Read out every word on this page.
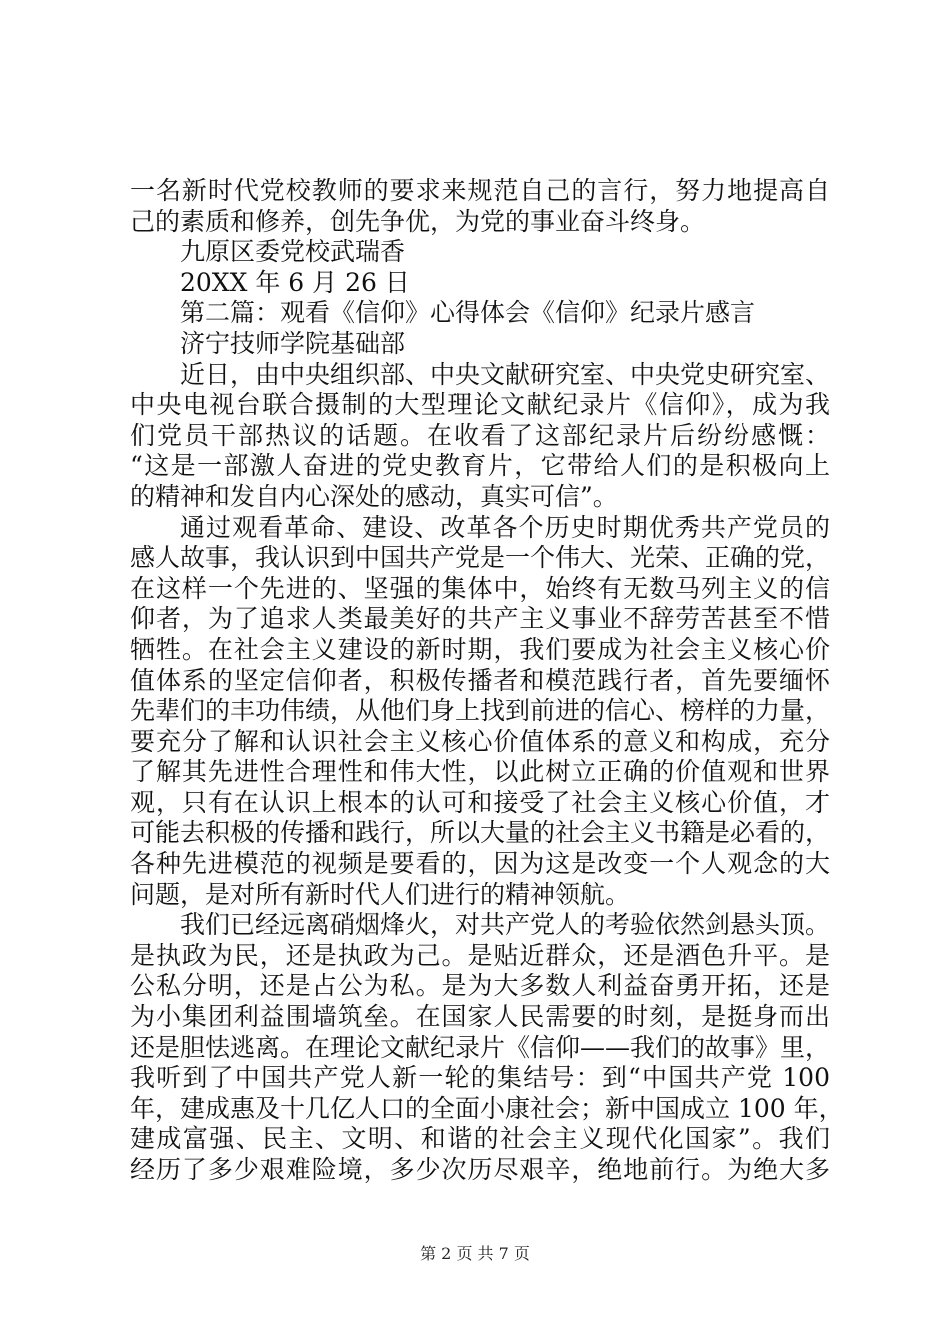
一名新时代党校教师的要求来规范自己的言行，努力地提高自
己的素质和修养，创先争优，为党的事业奋斗终身。
九原区委党校武瑞香
20XX 年 6 月 26 日
第二篇：观看《信仰》心得体会《信仰》纪录片感言
济宁技师学院基础部
近日，由中央组织部、中央文献研究室、中央党史研究室、
中央电视台联合摄制的大型理论文献纪录片《信仰》，成为我
们党员干部热议的话题。在收看了这部纪录片后纷纷感慨：
“这是一部激人奋进的党史教育片，它带给人们的是积极向上
的精神和发自内心深处的感动，真实可信”。
通过观看革命、建设、改革各个历史时期优秀共产党员的
感人故事，我认识到中国共产党是一个伟大、光荣、正确的党，
在这样一个先进的、坚强的集体中，始终有无数马列主义的信
仰者，为了追求人类最美好的共产主义事业不辞劳苦甚至不惜
牺牲。在社会主义建设的新时期，我们要成为社会主义核心价
值体系的坚定信仰者，积极传播者和模范践行者，首先要缅怀
先辈们的丰功伟绩，从他们身上找到前进的信心、榜样的力量，
要充分了解和认识社会主义核心价值体系的意义和构成，充分
了解其先进性合理性和伟大性，以此树立正确的价值观和世界
观，只有在认识上根本的认可和接受了社会主义核心价值，才
可能去积极的传播和践行，所以大量的社会主义书籍是必看的，
各种先进模范的视频是要看的，因为这是改变一个人观念的大
问题，是对所有新时代人们进行的精神领航。
我们已经远离硝烟烽火，对共产党人的考验依然剑悬头顶。
是执政为民，还是执政为己。是贴近群众，还是酒色升平。是
公私分明，还是占公为私。是为大多数人利益奋勇开拓，还是
为小集团利益围墙筑垒。在国家人民需要的时刻，是挺身而出
还是胆怯逃离。在理论文献纪录片《信仰——我们的故事》里，
我听到了中国共产党人新一轮的集结号：到“中国共产党 100
年，建成惠及十几亿人口的全面小康社会；新中国成立 100 年，
建成富强、民主、文明、和谐的社会主义现代化国家”。我们
经历了多少艰难险境，多少次历尽艰辛，绝地前行。为绝大多
第 2 页 共 7 页
